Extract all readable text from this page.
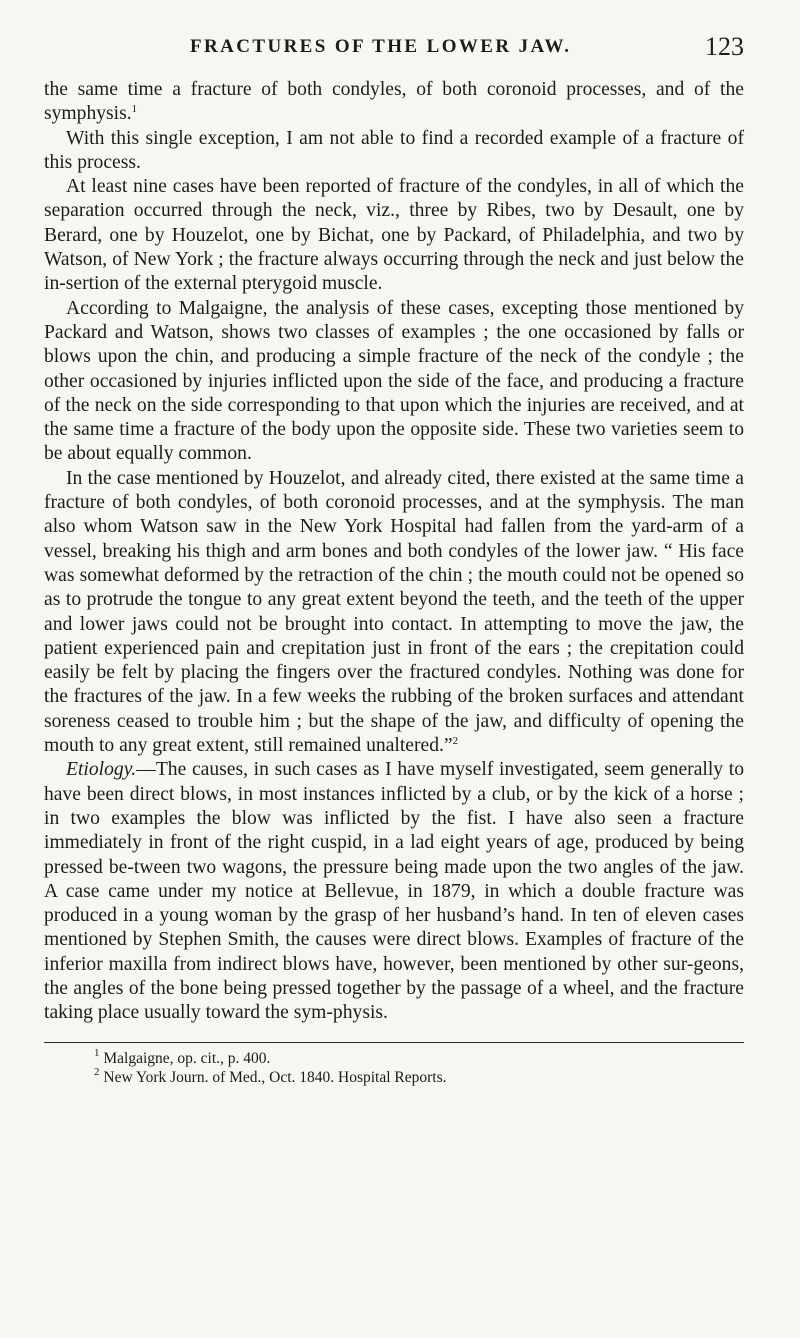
FRACTURES OF THE LOWER JAW.	123

the same time a fracture of both condyles, of both coronoid processes, and of the symphysis.$^1$

With this single exception, I am not able to find a recorded example of a fracture of this process.

At least nine cases have been reported of fracture of the condyles, in all of which the separation occurred through the neck, viz., three by Ribes, two by Desault, one by Berard, one by Houzelot, one by Bichat, one by Packard, of Philadelphia, and two by Watson, of New York ; the fracture always occurring through the neck and just below the in-sertion of the external pterygoid muscle.

According to Malgaigne, the analysis of these cases, excepting those mentioned by Packard and Watson, shows two classes of examples ; the one occasioned by falls or blows upon the chin, and producing a simple fracture of the neck of the condyle ; the other occasioned by injuries inflicted upon the side of the face, and producing a fracture of the neck on the side corresponding to that upon which the injuries are received, and at the same time a fracture of the body upon the opposite side. These two varieties seem to be about equally common.

In the case mentioned by Houzelot, and already cited, there existed at the same time a fracture of both condyles, of both coronoid processes, and at the symphysis. The man also whom Watson saw in the New York Hospital had fallen from the yard-arm of a vessel, breaking his thigh and arm bones and both condyles of the lower jaw. “ His face was somewhat deformed by the retraction of the chin ; the mouth could not be opened so as to protrude the tongue to any great extent beyond the teeth, and the teeth of the upper and lower jaws could not be brought into contact. In attempting to move the jaw, the patient experienced pain and crepitation just in front of the ears ; the crepitation could easily be felt by placing the fingers over the fractured condyles. Nothing was done for the fractures of the jaw. In a few weeks the rubbing of the broken surfaces and attendant soreness ceased to trouble him ; but the shape of the jaw, and difficulty of opening the mouth to any great extent, still remained unaltered.”$^2$

Etiology.—The causes, in such cases as I have myself investigated, seem generally to have been direct blows, in most instances inflicted by a club, or by the kick of a horse ; in two examples the blow was inflicted by the fist. I have also seen a fracture immediately in front of the right cuspid, in a lad eight years of age, produced by being pressed be-tween two wagons, the pressure being made upon the two angles of the jaw. A case came under my notice at Bellevue, in 1879, in which a double fracture was produced in a young woman by the grasp of her husband’s hand. In ten of eleven cases mentioned by Stephen Smith, the causes were direct blows. Examples of fracture of the inferior maxilla from indirect blows have, however, been mentioned by other sur-geons, the angles of the bone being pressed together by the passage of a wheel, and the fracture taking place usually toward the sym-physis.

$^1$ Malgaigne, op. cit., p. 400.

$^2$ New York Journ. of Med., Oct. 1840. Hospital Reports.
